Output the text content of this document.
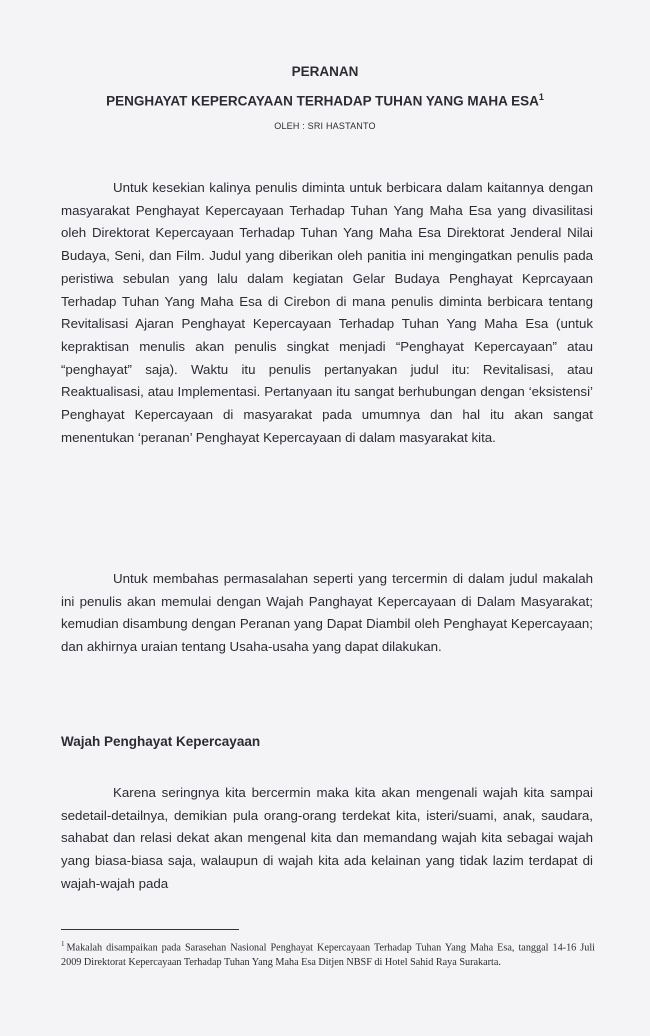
PERANAN
PENGHAYAT KEPERCAYAAN TERHADAP TUHAN YANG MAHA ESA$^1$
OLEH : SRI HASTANTO

Untuk kesekian kalinya penulis diminta untuk berbicara dalam kaitannya dengan masyarakat Penghayat Kepercayaan Terhadap Tuhan Yang Maha Esa yang divasilitasi oleh Direktorat Kepercayaan Terhadap Tuhan Yang Maha Esa Direktorat Jenderal Nilai Budaya, Seni, dan Film. Judul yang diberikan oleh panitia ini mengingatkan penulis pada peristiwa sebulan yang lalu dalam kegiatan Gelar Budaya Penghayat Keprcayaan Terhadap Tuhan Yang Maha Esa di Cirebon di mana penulis diminta berbicara tentang Revitalisasi Ajaran Penghayat Kepercayaan Terhadap Tuhan Yang Maha Esa (untuk kepraktisan menulis akan penulis singkat menjadi “Penghayat Kepercayaan” atau “penghayat” saja). Waktu itu penulis pertanyakan judul itu: Revitalisasi, atau Reaktualisasi, atau Implementasi. Pertanyaan itu sangat berhubungan dengan ‘eksistensi’ Penghayat Kepercayaan di masyarakat pada umumnya dan hal itu akan sangat menentukan ‘peranan’ Penghayat Kepercayaan di dalam masyarakat kita.

Untuk membahas permasalahan seperti yang tercermin di dalam judul makalah ini penulis akan memulai dengan Wajah Panghayat Kepercayaan di Dalam Masyarakat; kemudian disambung dengan Peranan yang Dapat Diambil oleh Penghayat Kepercayaan; dan akhirnya uraian tentang Usaha-usaha yang dapat dilakukan.

Wajah Penghayat Kepercayaan

Karena seringnya kita bercermin maka kita akan mengenali wajah kita sampai sedetail-detailnya, demikian pula orang-orang terdekat kita, isteri/suami, anak, saudara, sahabat dan relasi dekat akan mengenal kita dan memandang wajah kita sebagai wajah yang biasa-biasa saja, walaupun di wajah kita ada kelainan yang tidak lazim terdapat di wajah-wajah pada

$^1$ Makalah disampaikan pada Sarasehan Nasional Penghayat Kepercayaan Terhadap Tuhan Yang Maha Esa, tanggal 14-16 Juli 2009 Direktorat Kepercayaan Terhadap Tuhan Yang Maha Esa Ditjen NBSF di Hotel Sahid Raya Surakarta.
